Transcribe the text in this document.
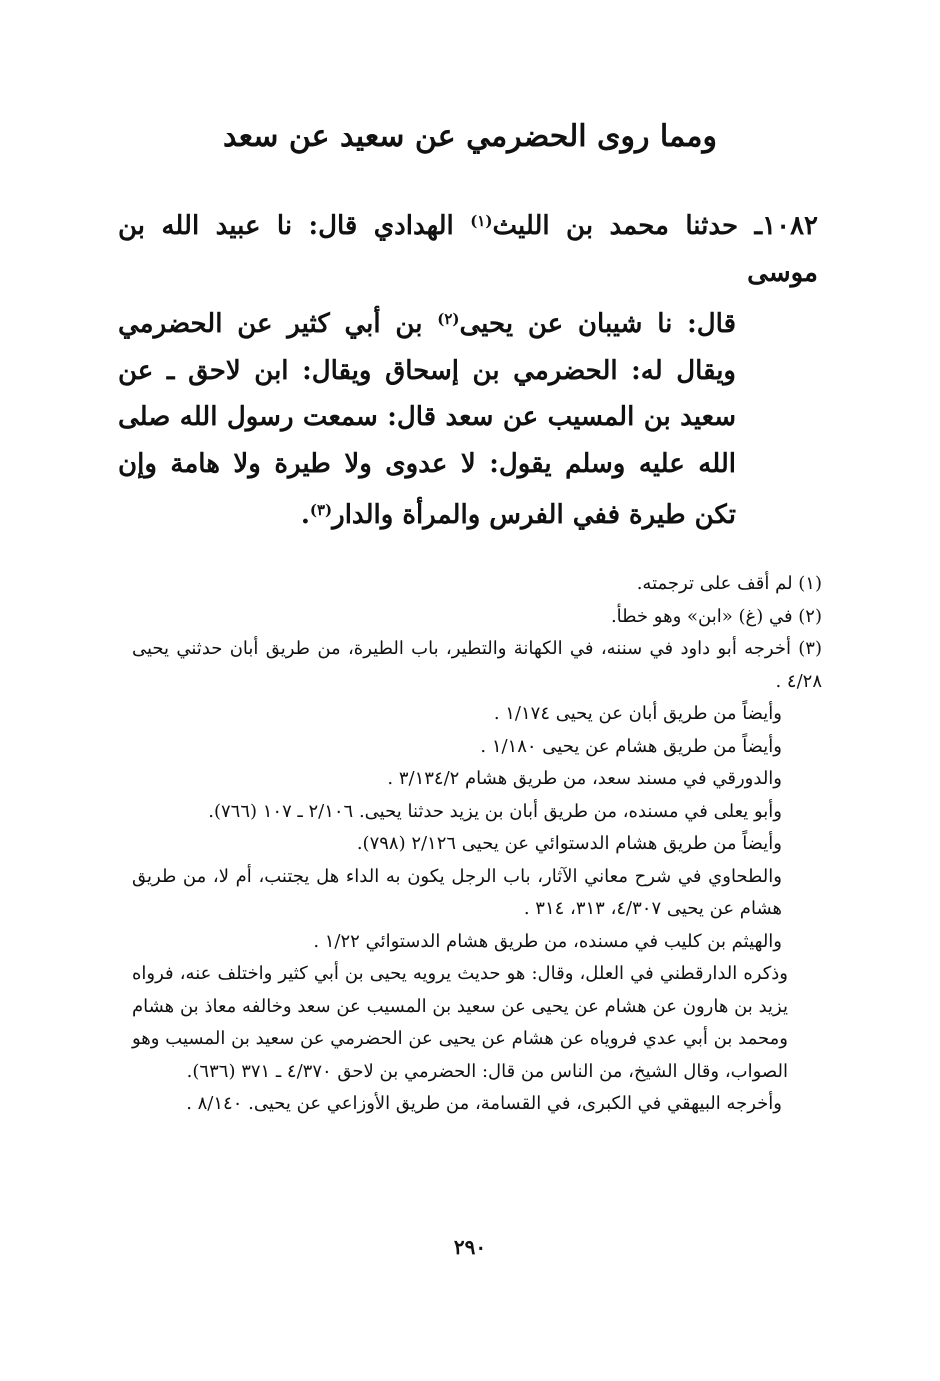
ومما روى الحضرمي عن سعيد عن سعد
١٠٨٢ـ حدثنا محمد بن الليث$^{(١)}$ الهدادي قال: نا عبيد الله بن موسى
قال: نا شيبان عن يحيى$^{(٢)}$ بن أبي كثير عن الحضرمي ويقال له: الحضرمي بن إسحاق ويقال: ابن لاحق ـ عن سعيد بن المسيب عن سعد قال: سمعت رسول الله صلى الله عليه وسلم يقول: لا عدوى ولا طيرة ولا هامة وإن تكن طيرة ففي الفرس والمرأة والدار$^{(٣)}$.

(١) لم أقف على ترجمته.

(٢) في (غ) «ابن» وهو خطأ.

(٣) أخرجه أبو داود في سننه، في الكهانة والتطير، باب الطيرة، من طريق أبان حدثني يحيى ٤/٢٨ .

وأيضاً من طريق أبان عن يحيى ١/١٧٤ .

وأيضاً من طريق هشام عن يحيى ١/١٨٠ .

والدورقي في مسند سعد، من طريق هشام ٣/١٣٤/٢ .

وأبو يعلى في مسنده، من طريق أبان بن يزيد حدثنا يحيى. ٢/١٠٦ ـ ١٠٧ (٧٦٦).

وأيضاً من طريق هشام الدستوائي عن يحيى ٢/١٢٦ (٧٩٨).

والطحاوي في شرح معاني الآثار، باب الرجل يكون به الداء هل يجتنب، أم لا، من طريق هشام عن يحيى ٤/٣٠٧، ٣١٣، ٣١٤ .

والهيثم بن كليب في مسنده، من طريق هشام الدستوائي ١/٢٢ .

وذكره الدارقطني في العلل، وقال: هو حديث يرويه يحيى بن أبي كثير واختلف عنه، فرواه يزيد بن هارون عن هشام عن يحيى عن سعيد بن المسيب عن سعد وخالفه معاذ بن هشام ومحمد بن أبي عدي فروياه عن هشام عن يحيى عن الحضرمي عن سعيد بن المسيب وهو الصواب، وقال الشيخ، من الناس من قال: الحضرمي بن لاحق ٤/٣٧٠ ـ ٣٧١ (٦٣٦).

وأخرجه البيهقي في الكبرى، في القسامة، من طريق الأوزاعي عن يحيى. ٨/١٤٠ .

٢٩٠
